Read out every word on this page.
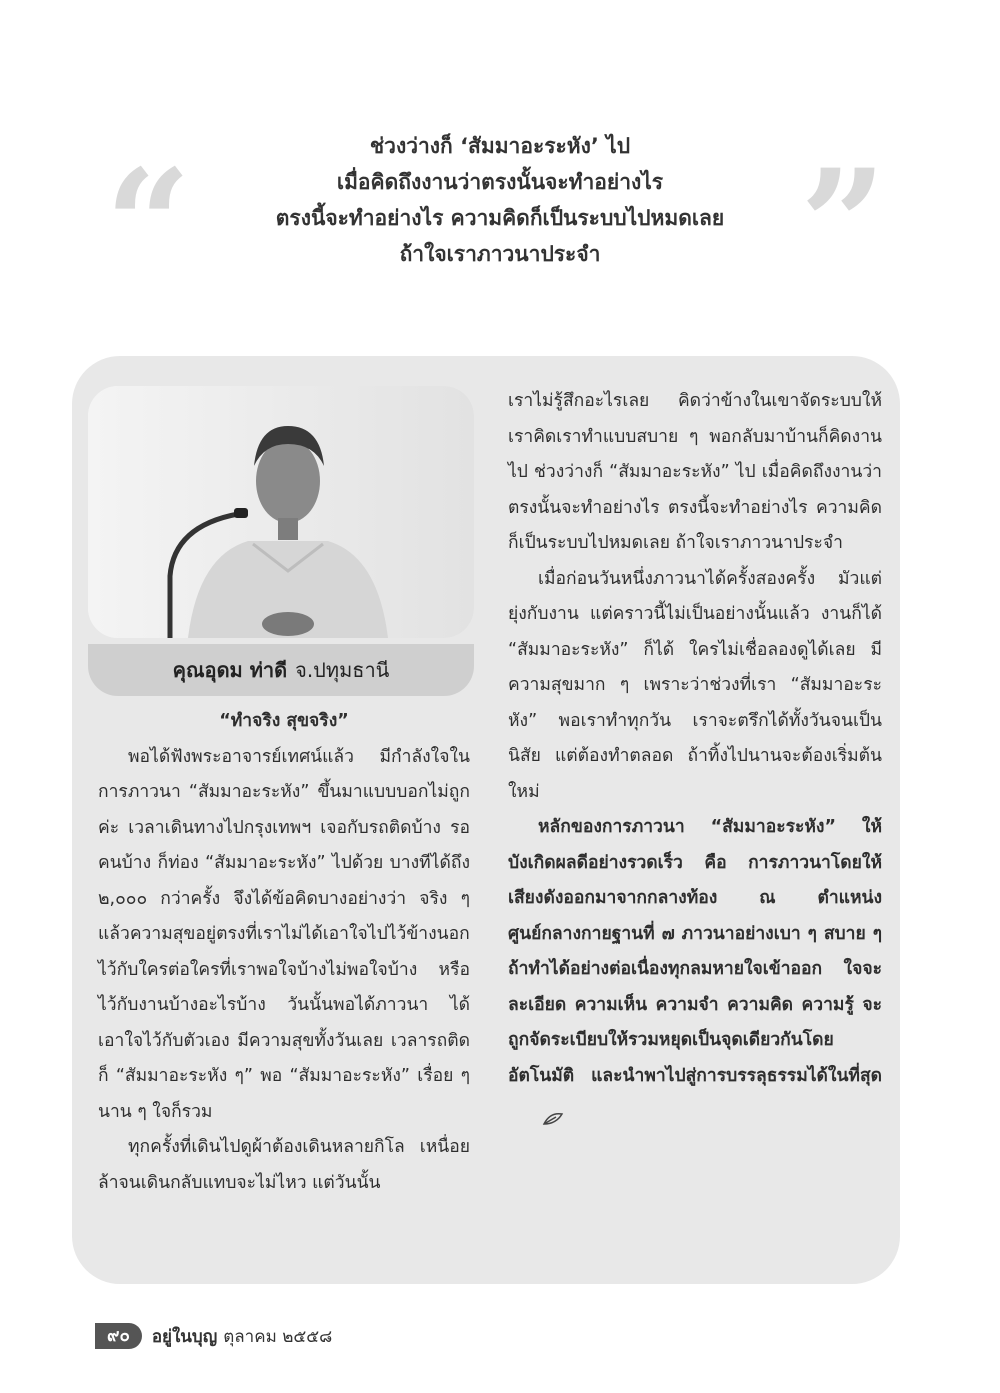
“	”
ช่วงว่างก็ ‘สัมมาอะระหัง’ ไป
เมื่อคิดถึงงานว่าตรงนั้นจะทำอย่างไร
ตรงนี้จะทำอย่างไร ความคิดก็เป็นระบบไปหมดเลย
ถ้าใจเราภาวนาประจำ
คุณอุดม ท่าดี จ.ปทุมธานี

“ทำจริง สุขจริง”

พอได้ฟังพระอาจารย์เทศน์แล้ว มีกำลังใจในการภาวนา “สัมมาอะระหัง” ขึ้นมาแบบบอกไม่ถูกค่ะ เวลาเดินทางไปกรุงเทพฯ เจอกับรถติดบ้าง รอคนบ้าง ก็ท่อง “สัมมาอะระหัง” ไปด้วย บางทีได้ถึง ๒,๐๐๐ กว่าครั้ง จึงได้ข้อคิดบางอย่างว่า จริง ๆ แล้วความสุขอยู่ตรงที่เราไม่ได้เอาใจไปไว้ข้างนอก ไว้กับใครต่อใครที่เราพอใจบ้างไม่พอใจบ้าง หรือไว้กับงานบ้างอะไรบ้าง วันนั้นพอได้ภาวนา ได้เอาใจไว้กับตัวเอง มีความสุขทั้งวันเลย เวลารถติดก็ “สัมมาอะระหัง ๆ” พอ “สัมมาอะระหัง” เรื่อย ๆ นาน ๆ ใจก็รวม

ทุกครั้งที่เดินไปดูผ้าต้องเดินหลายกิโล เหนื่อยล้าจนเดินกลับแทบจะไม่ไหว แต่วันนั้น

เราไม่รู้สึกอะไรเลย คิดว่าข้างในเขาจัดระบบให้เราคิดเราทำแบบสบาย ๆ พอกลับมาบ้านก็คิดงานไป ช่วงว่างก็ “สัมมาอะระหัง” ไป เมื่อคิดถึงงานว่าตรงนั้นจะทำอย่างไร ตรงนี้จะทำอย่างไร ความคิดก็เป็นระบบไปหมดเลย ถ้าใจเราภาวนาประจำ

เมื่อก่อนวันหนึ่งภาวนาได้ครั้งสองครั้ง มัวแต่ยุ่งกับงาน แต่คราวนี้ไม่เป็นอย่างนั้นแล้ว งานก็ได้ “สัมมาอะระหัง” ก็ได้ ใครไม่เชื่อลองดูได้เลย มีความสุขมาก ๆ เพราะว่าช่วงที่เรา “สัมมาอะระหัง” พอเราทำทุกวัน เราจะตรึกได้ทั้งวันจนเป็นนิสัย แต่ต้องทำตลอด ถ้าทิ้งไปนานจะต้องเริ่มต้นใหม่

หลักของการภาวนา “สัมมาอะระหัง” ให้บังเกิดผลดีอย่างรวดเร็ว คือ การภาวนาโดยให้เสียงดังออกมาจากกลางท้อง ณ ตำแหน่งศูนย์กลางกายฐานที่ ๗ ภาวนาอย่างเบา ๆ สบาย ๆ ถ้าทำได้อย่างต่อเนื่องทุกลมหายใจเข้าออก ใจจะละเอียด ความเห็น ความจำ ความคิด ความรู้ จะถูกจัดระเบียบให้รวมหยุดเป็นจุดเดียวกันโดยอัตโนมัติ และนำพาไปสู่การบรรลุธรรมได้ในที่สุด

๙๐	อยู่ในบุญ ตุลาคม ๒๕๕๘
